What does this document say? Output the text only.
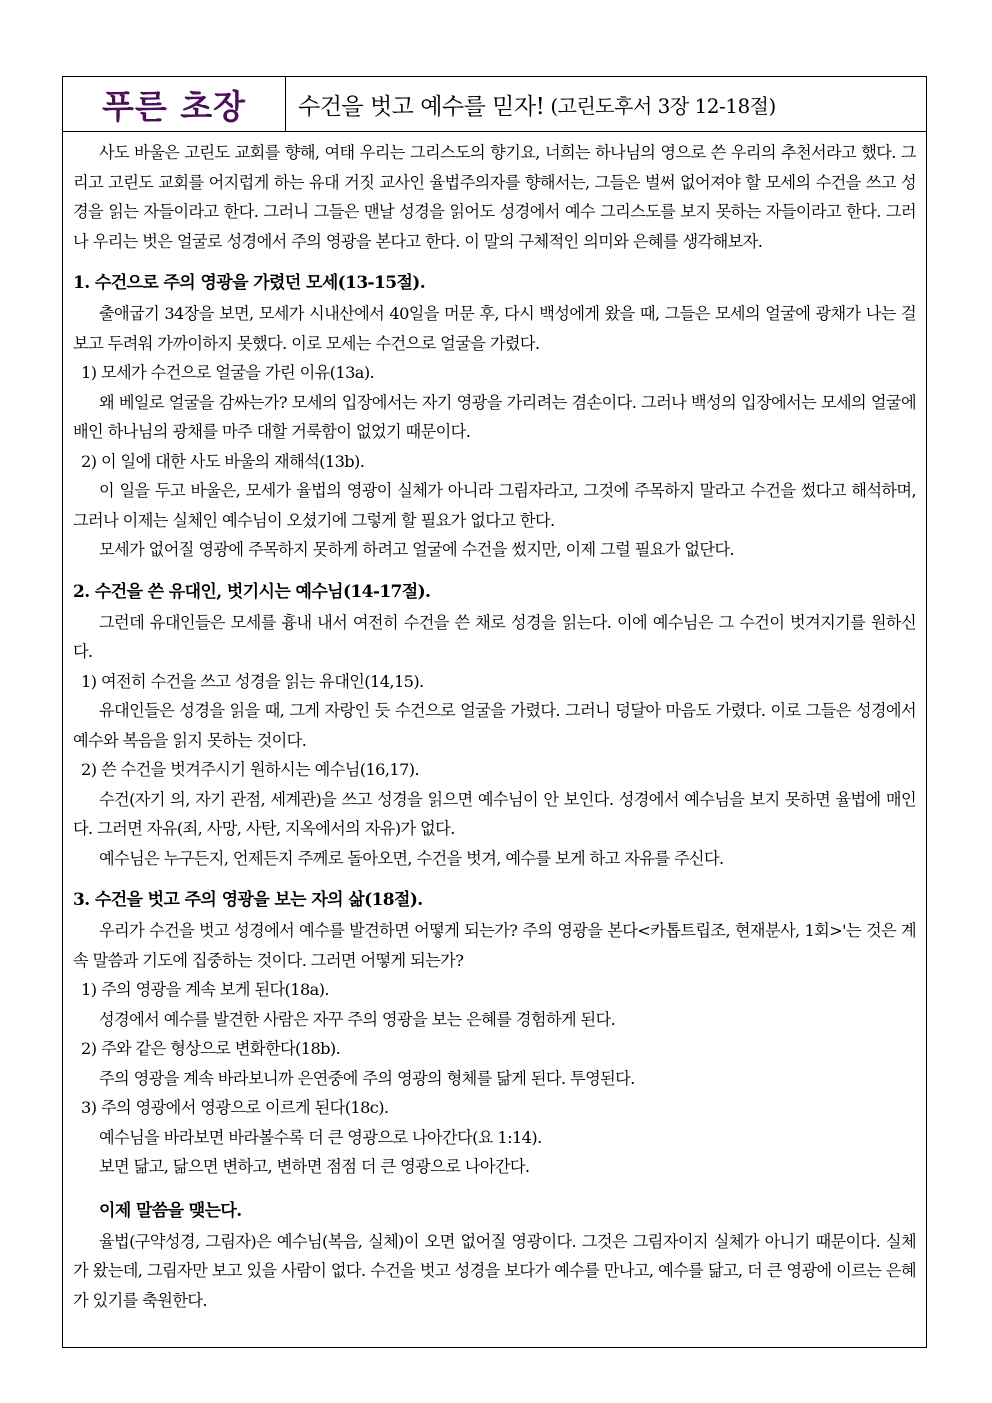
푸른 초장	수건을 벗고 예수를 믿자! (고린도후서 3장 12-18절)

사도 바울은 고린도 교회를 향해, 여태 우리는 그리스도의 향기요, 너희는 하나님의 영으로 쓴 우리의 추천서라고 했다. 그리고 고린도 교회를 어지럽게 하는 유대 거짓 교사인 율법주의자를 향해서는, 그들은 벌써 없어져야 할 모세의 수건을 쓰고 성경을 읽는 자들이라고 한다. 그러니 그들은 맨날 성경을 읽어도 성경에서 예수 그리스도를 보지 못하는 자들이라고 한다. 그러나 우리는 벗은 얼굴로 성경에서 주의 영광을 본다고 한다. 이 말의 구체적인 의미와 은혜를 생각해보자.

1. 수건으로 주의 영광을 가렸던 모세(13-15절).

출애굽기 34장을 보면, 모세가 시내산에서 40일을 머문 후, 다시 백성에게 왔을 때, 그들은 모세의 얼굴에 광채가 나는 걸 보고 두려워 가까이하지 못했다. 이로 모세는 수건으로 얼굴을 가렸다.

1) 모세가 수건으로 얼굴을 가린 이유(13a).

왜 베일로 얼굴을 감싸는가? 모세의 입장에서는 자기 영광을 가리려는 겸손이다. 그러나 백성의 입장에서는 모세의 얼굴에 배인 하나님의 광채를 마주 대할 거룩함이 없었기 때문이다.

2) 이 일에 대한 사도 바울의 재해석(13b).

이 일을 두고 바울은, 모세가 율법의 영광이 실체가 아니라 그림자라고, 그것에 주목하지 말라고 수건을 썼다고 해석하며, 그러나 이제는 실체인 예수님이 오셨기에 그렇게 할 필요가 없다고 한다.

모세가 없어질 영광에 주목하지 못하게 하려고 얼굴에 수건을 썼지만, 이제 그럴 필요가 없단다.

2. 수건을 쓴 유대인, 벗기시는 예수님(14-17절).

그런데 유대인들은 모세를 흉내 내서 여전히 수건을 쓴 채로 성경을 읽는다. 이에 예수님은 그 수건이 벗겨지기를 원하신다.

1) 여전히 수건을 쓰고 성경을 읽는 유대인(14,15).

유대인들은 성경을 읽을 때, 그게 자랑인 듯 수건으로 얼굴을 가렸다. 그러니 덩달아 마음도 가렸다. 이로 그들은 성경에서 예수와 복음을 읽지 못하는 것이다.

2) 쓴 수건을 벗겨주시기 원하시는 예수님(16,17).

수건(자기 의, 자기 관점, 세계관)을 쓰고 성경을 읽으면 예수님이 안 보인다. 성경에서 예수님을 보지 못하면 율법에 매인다. 그러면 자유(죄, 사망, 사탄, 지옥에서의 자유)가 없다.

예수님은 누구든지, 언제든지 주께로 돌아오면, 수건을 벗겨, 예수를 보게 하고 자유를 주신다.

3. 수건을 벗고 주의 영광을 보는 자의 삶(18절).

우리가 수건을 벗고 성경에서 예수를 발견하면 어떻게 되는가? 주의 영광을 본다<카톱트립조, 현재분사, 1회>'는 것은 계속 말씀과 기도에 집중하는 것이다. 그러면 어떻게 되는가?

1) 주의 영광을 계속 보게 된다(18a).

성경에서 예수를 발견한 사람은 자꾸 주의 영광을 보는 은혜를 경험하게 된다.

2) 주와 같은 형상으로 변화한다(18b).

주의 영광을 계속 바라보니까 은연중에 주의 영광의 형체를 닮게 된다. 투영된다.

3) 주의 영광에서 영광으로 이르게 된다(18c).

예수님을 바라보면 바라볼수록 더 큰 영광으로 나아간다(요 1:14).

보면 닮고, 닮으면 변하고, 변하면 점점 더 큰 영광으로 나아간다.

이제 말씀을 맺는다.

율법(구약성경, 그림자)은 예수님(복음, 실체)이 오면 없어질 영광이다. 그것은 그림자이지 실체가 아니기 때문이다. 실체가 왔는데, 그림자만 보고 있을 사람이 없다. 수건을 벗고 성경을 보다가 예수를 만나고, 예수를 닮고, 더 큰 영광에 이르는 은혜가 있기를 축원한다.
